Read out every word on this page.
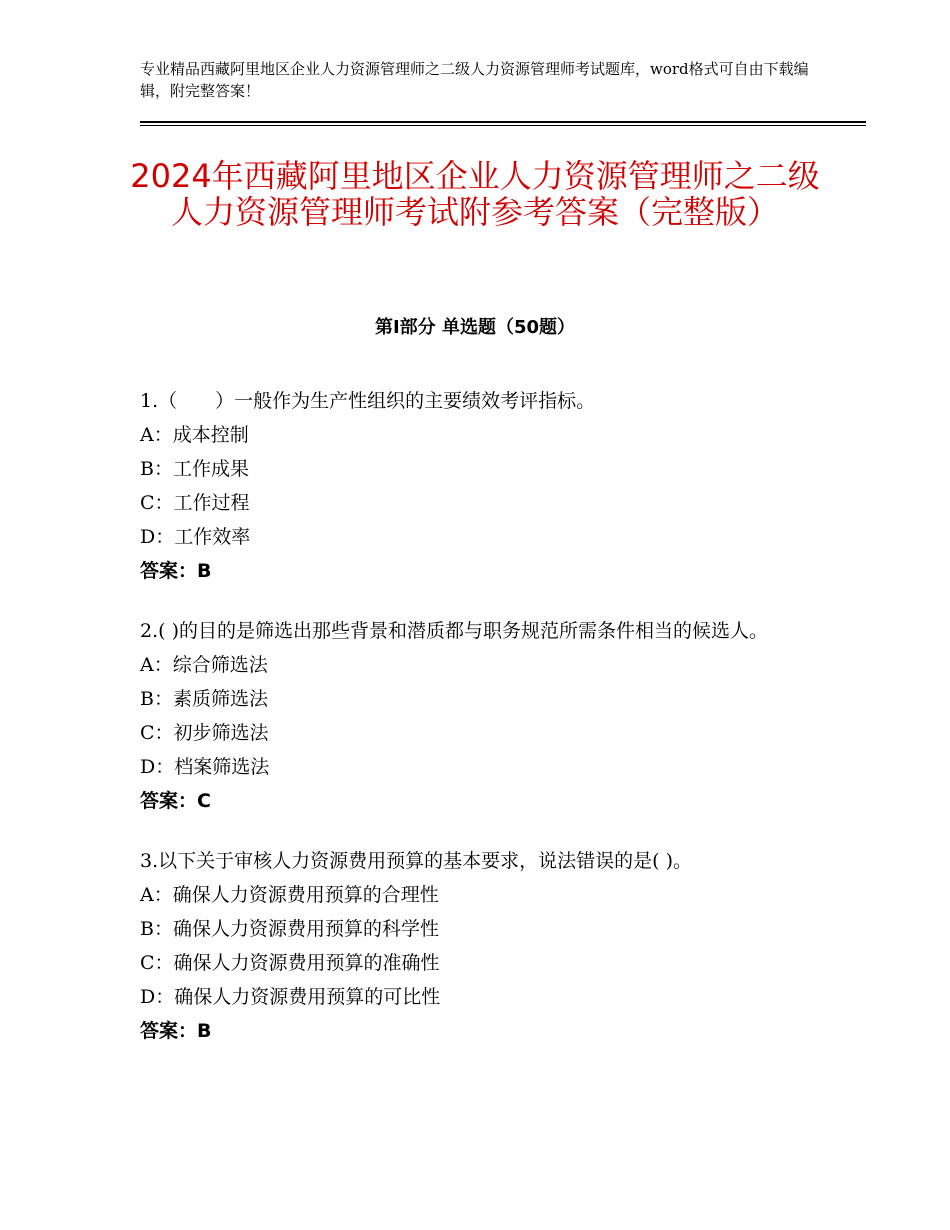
专业精品西藏阿里地区企业人力资源管理师之二级人力资源管理师考试题库，word格式可自由下载编辑，附完整答案！
2024年西藏阿里地区企业人力资源管理师之二级人力资源管理师考试附参考答案（完整版）
第Ⅰ部分 单选题（50题）

1.（　　）一般作为生产性组织的主要绩效考评指标。

A：成本控制

B：工作成果

C：工作过程

D：工作效率

答案：B

2.( )的目的是筛选出那些背景和潜质都与职务规范所需条件相当的候选人。

A：综合筛选法

B：素质筛选法

C：初步筛选法

D：档案筛选法

答案：C

3.以下关于审核人力资源费用预算的基本要求，说法错误的是( )。

A：确保人力资源费用预算的合理性

B：确保人力资源费用预算的科学性

C：确保人力资源费用预算的准确性

D：确保人力资源费用预算的可比性

答案：B
